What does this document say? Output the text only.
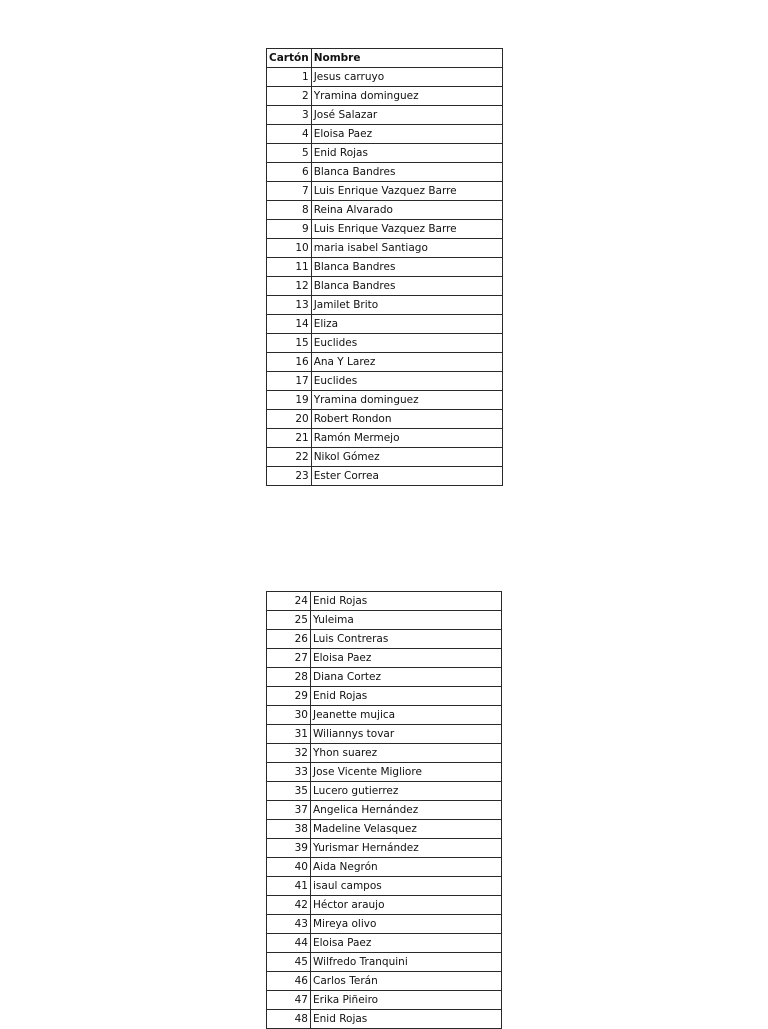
Cartón	Nombre
1	Jesus carruyo
2	Yramina dominguez
3	José Salazar
4	Eloisa Paez
5	Enid Rojas
6	Blanca Bandres
7	Luis Enrique Vazquez Barre
8	Reina Alvarado
9	Luis Enrique Vazquez Barre
10	maria isabel Santiago
11	Blanca Bandres
12	Blanca Bandres
13	Jamilet Brito
14	Eliza
15	Euclides
16	Ana Y Larez
17	Euclides
19	Yramina dominguez
20	Robert Rondon
21	Ramón Mermejo
22	Nikol Gómez
23	Ester Correa
24	Enid Rojas
25	Yuleima
26	Luis Contreras
27	Eloisa Paez
28	Diana Cortez
29	Enid Rojas
30	Jeanette mujica
31	Wiliannys tovar
32	Yhon suarez
33	Jose Vicente Migliore
35	Lucero gutierrez
37	Angelica Hernández
38	Madeline Velasquez
39	Yurismar Hernández
40	Aida Negrón
41	isaul campos
42	Héctor araujo
43	Mireya olivo
44	Eloisa Paez
45	Wilfredo Tranquini
46	Carlos Terán
47	Erika Piñeiro
48	Enid Rojas
